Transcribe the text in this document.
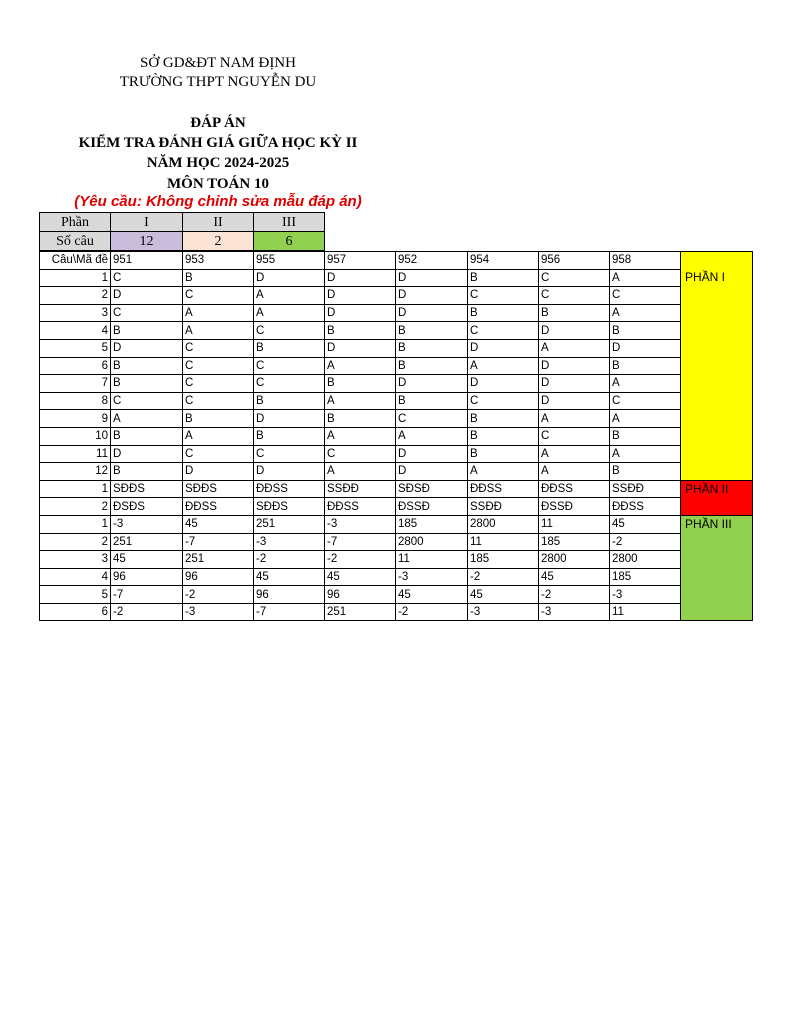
SỞ GD&ĐT NAM ĐỊNH
TRƯỜNG THPT NGUYỄN DU
ĐÁP ÁN
KIỂM TRA ĐÁNH GIÁ GIỮA HỌC KỲ II
NĂM HỌC 2024-2025
MÔN TOÁN 10
(Yêu cầu: Không chỉnh sửa mẫu đáp án)
Phần	I	II	III
Số câu	12	2	6
Câu\Mã đề	951	953	955	957	952	954	956	958	PHẦN I

1	C	B	D	D	D	B	C	A	
2	D	C	A	D	D	C	C	C	
3	C	A	A	D	D	B	B	A	
4	B	A	C	B	B	C	D	B	
5	D	C	B	D	B	D	A	D	
6	B	C	C	A	B	A	D	B	
7	B	C	C	B	D	D	D	A	
8	C	C	B	A	B	C	D	C	
9	A	B	D	B	C	B	A	A	
10	B	A	B	A	A	B	C	B	
11	D	C	C	C	D	B	A	A	
12	B	D	D	A	D	A	A	B	
1	SĐĐS	SĐĐS	ĐĐSS	SSĐĐ	SĐSĐ	ĐĐSS	ĐĐSS	SSĐĐ	PHẦN II
2	ĐSĐS	ĐĐSS	SĐĐS	ĐĐSS	ĐSSĐ	SSĐĐ	ĐSSĐ	ĐĐSS	
1	-3	45	251	-3	185	2800	11	45	PHẦN III
2	251	-7	-3	-7	2800	11	185	-2	
3	45	251	-2	-2	11	185	2800	2800	
4	96	96	45	45	-3	-2	45	185	
5	-7	-2	96	96	45	45	-2	-3	
6	-2	-3	-7	251	-2	-3	-3	11	
